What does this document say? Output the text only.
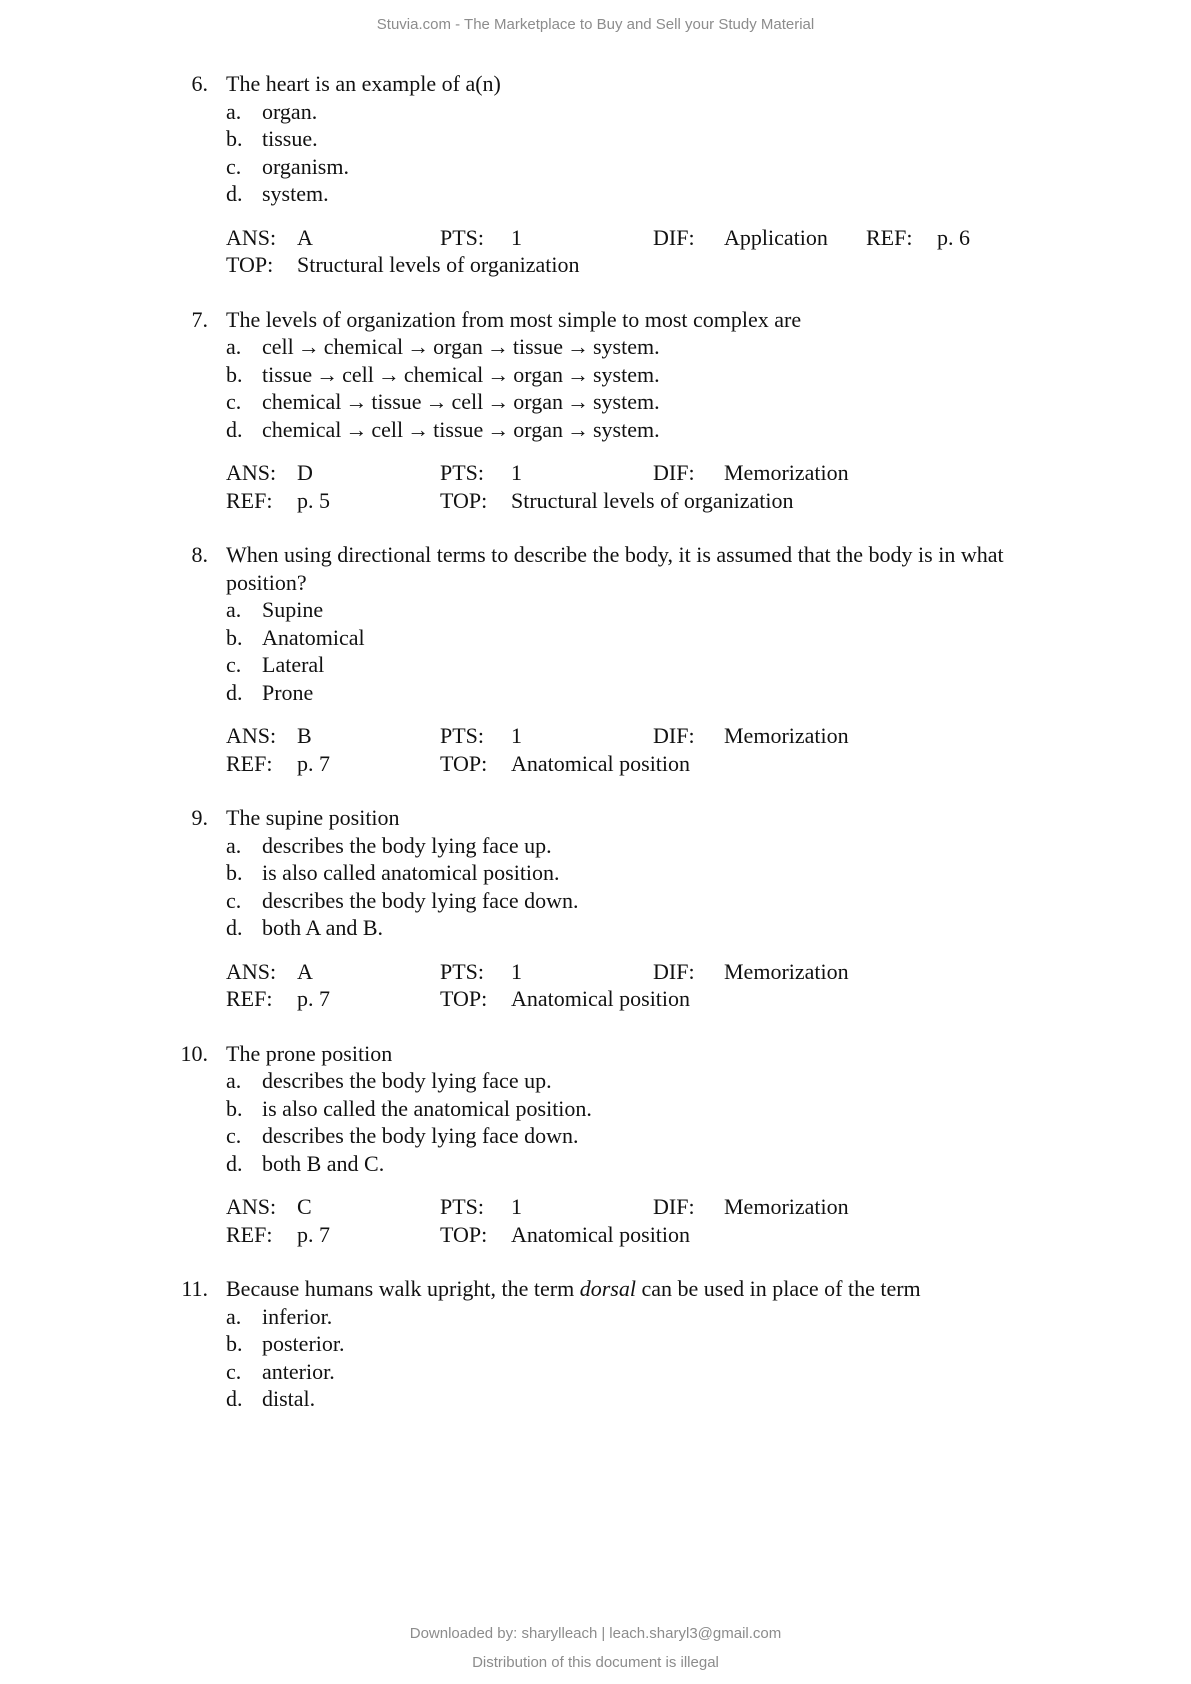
Stuvia.com - The Marketplace to Buy and Sell your Study Material
6. The heart is an example of a(n)
a. organ.
b. tissue.
c. organism.
d. system.
ANS: A	PTS: 1	DIF: Application REF: p. 6
TOP: Structural levels of organization
7. The levels of organization from most simple to most complex are
a. cell → chemical → organ → tissue → system.
b. tissue → cell → chemical → organ → system.
c. chemical → tissue → cell → organ → system.
d. chemical → cell → tissue → organ → system.
ANS: D	PTS: 1	DIF: Memorization
REF: p. 5	TOP: Structural levels of organization
8. When using directional terms to describe the body, it is assumed that the body is in what position?
a. Supine
b. Anatomical
c. Lateral
d. Prone
ANS: B	PTS: 1	DIF: Memorization
REF: p. 7	TOP: Anatomical position
9. The supine position
a. describes the body lying face up.
b. is also called anatomical position.
c. describes the body lying face down.
d. both A and B.
ANS: A	PTS: 1	DIF: Memorization
REF: p. 7	TOP: Anatomical position
10. The prone position
a. describes the body lying face up.
b. is also called the anatomical position.
c. describes the body lying face down.
d. both B and C.
ANS: C	PTS: 1	DIF: Memorization
REF: p. 7	TOP: Anatomical position
11. Because humans walk upright, the term dorsal can be used in place of the term
a. inferior.
b. posterior.
c. anterior.
d. distal.
Downloaded by: sharylleach | leach.sharyl3@gmail.com
Distribution of this document is illegal
